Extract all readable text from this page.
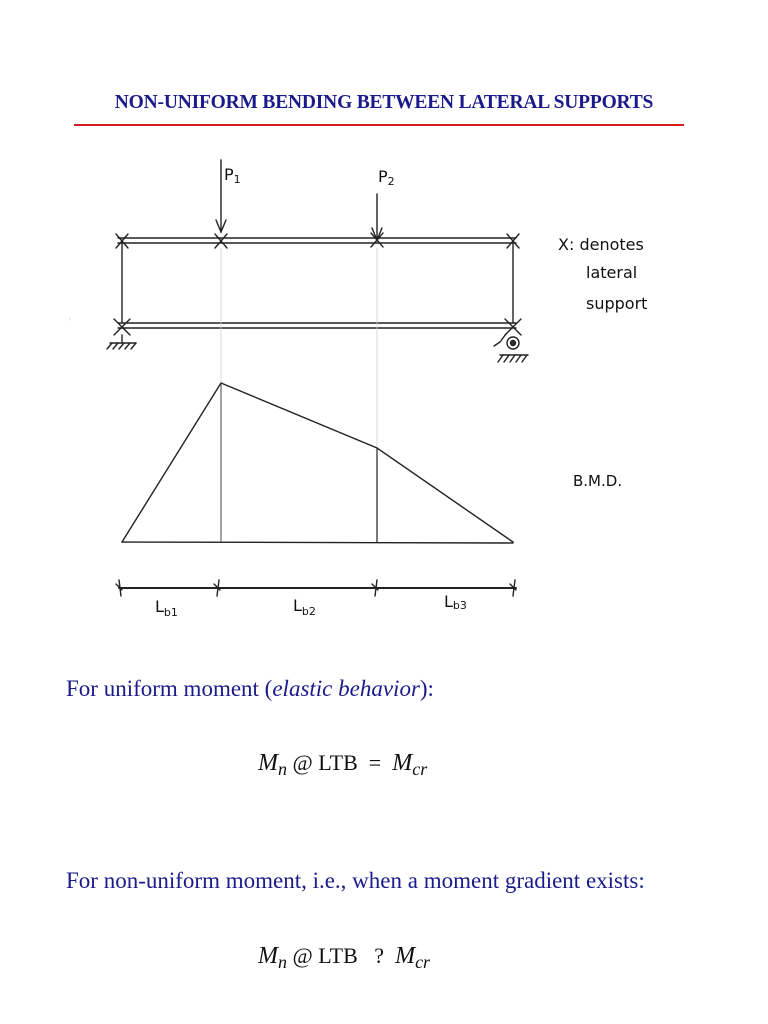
NON-UNIFORM BENDING BETWEEN LATERAL SUPPORTS
P1	P2
X: denotes
lateral
support
B.M.D.
$L_{b1}$	$L_{b2}$
Lb3
For uniform moment (elastic behavior):
$M_n$ @ LTB  =  $M_{cr}$
For non-uniform moment, i.e., when a moment gradient exists:
$M_n$ @ LTB   ?  $M_{cr}$
